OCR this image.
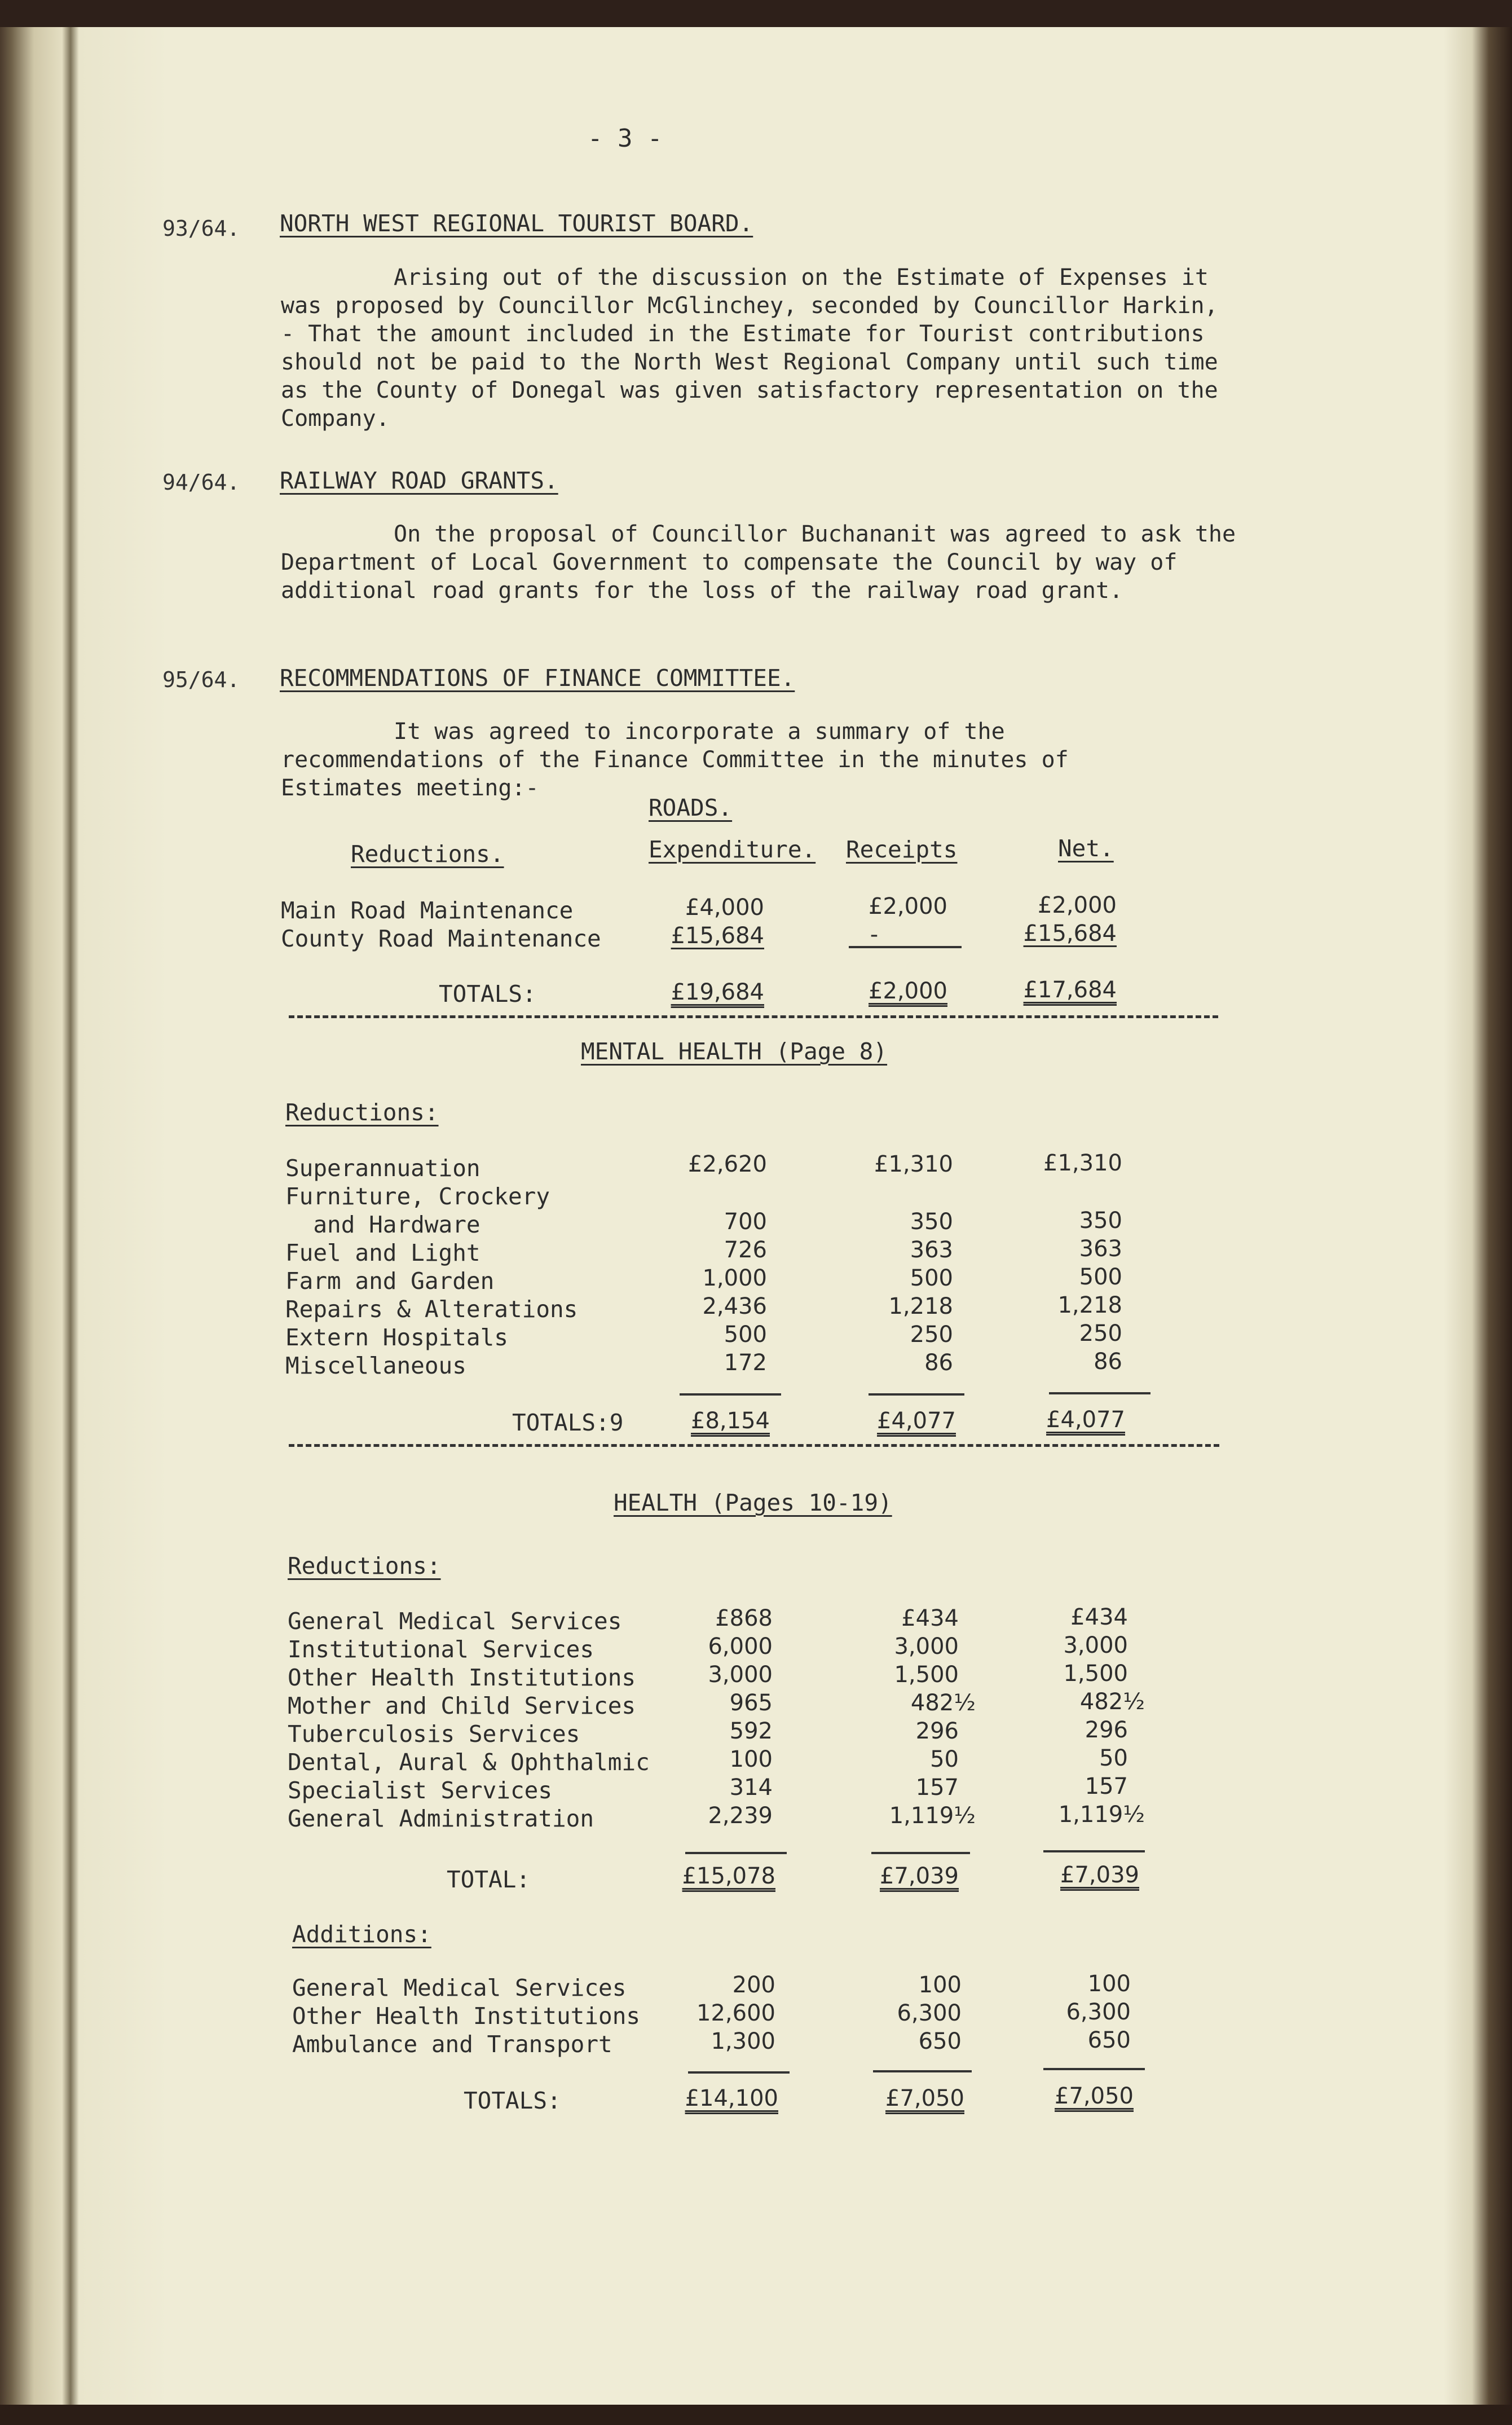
- 3 -
93/64. NORTH WEST REGIONAL TOURIST BOARD.
Arising out of the discussion on the Estimate of Expenses it was proposed by Councillor McGlinchey, seconded by Councillor Harkin, - That the amount included in the Estimate for Tourist contributions should not be paid to the North West Regional Company until such time as the County of Donegal was given satisfactory representation on the Company.
94/64. RAILWAY ROAD GRANTS.
On the proposal of Councillor Buchananit was agreed to ask the Department of Local Government to compensate the Council by way of additional road grants for the loss of the railway road grant.
95/64. RECOMMENDATIONS OF FINANCE COMMITTEE.
It was agreed to incorporate a summary of the recommendations of the Finance Committee in the minutes of Estimates meeting:-
ROADS.
Reductions.	Expenditure. Receipts	Net.
Main Road Maintenance	£4,000	£2,000	£2,000
County Road Maintenance	£15,684	-	£15,684
TOTALS:	£19,684	£2,000	£17,684
MENTAL HEALTH (Page 8)
Reductions:
Superannuation	£2,620	£1,310	£1,310
Furniture, Crockery
and Hardware	700	350	350
Fuel and Light	726	363	363
Farm and Garden	1,000	500	500
Repairs & Alterations	2,436	1,218	1,218
Extern Hospitals	500	250	250
Miscellaneous	172	86	86
TOTALS:9	£8,154	£4,077	£4,077
HEALTH (Pages 10-19)
Reductions:
General Medical Services	£868	£434	£434
Institutional Services	6,000	3,000	3,000
Other Health Institutions	3,000	1,500	1,500
Mother and Child Services	965	482½	482½
Tuberculosis Services	592	296	296
Dental, Aural & Ophthalmic	100	50	50
Specialist Services	314	157	157
General Administration	2,239	1,119½	1,119½
TOTAL:	£15,078	£7,039	£7,039
Additions:
General Medical Services	200	100	100
Other Health Institutions	12,600	6,300	6,300
Ambulance and Transport	1,300	650	650
TOTALS:	£14,100	£7,050	£7,050
